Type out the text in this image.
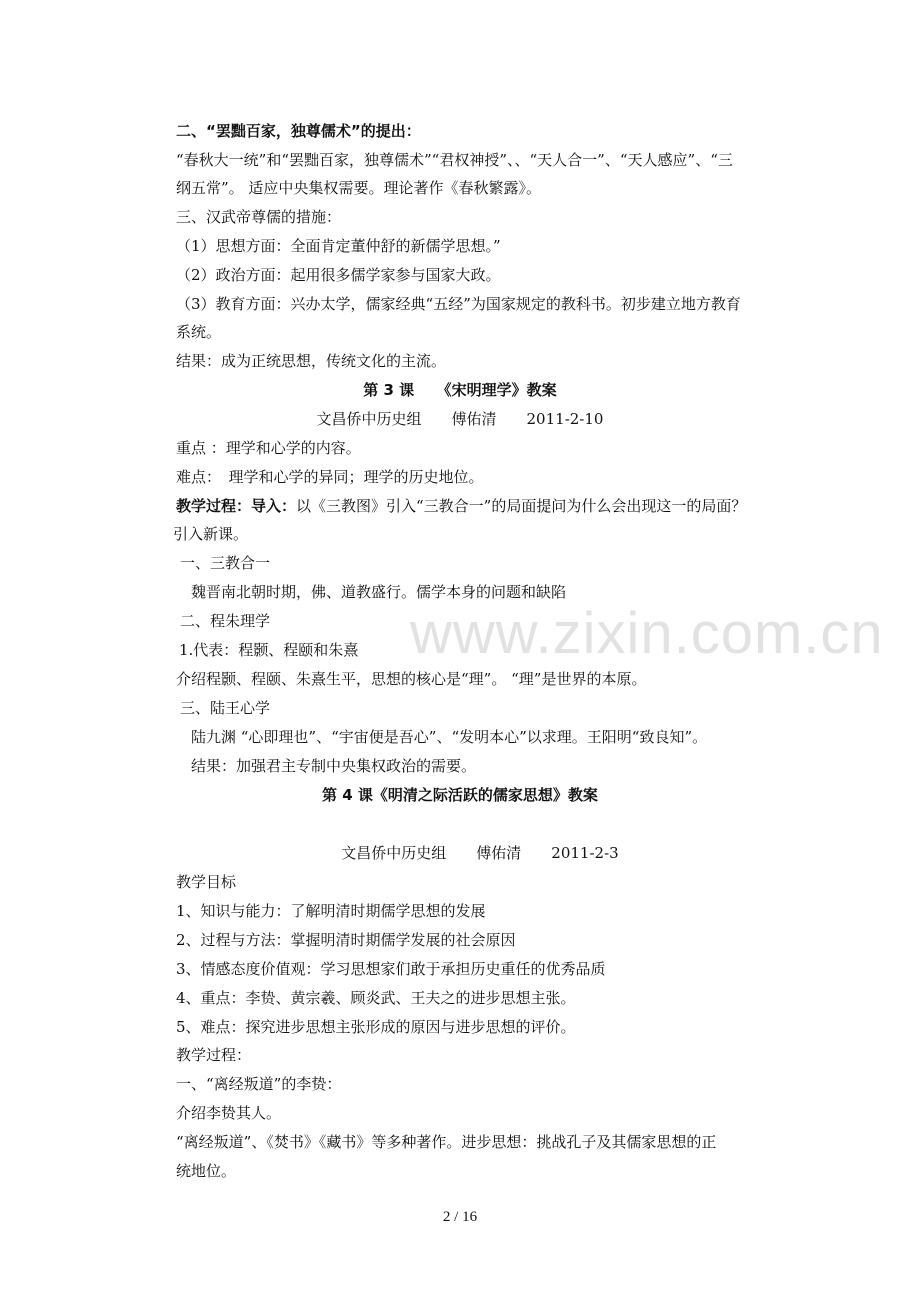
www.zixin.com.cn
二、“罢黜百家，独尊儒术”的提出：
“春秋大一统”和“罢黜百家，独尊儒术”“君权神授”、、“天人合一”、“天人感应”、“三
纲五常”。 适应中央集权需要。理论著作《春秋繁露》。
三、汉武帝尊儒的措施：
（1）思想方面：全面肯定董仲舒的新儒学思想。”
（2）政治方面：起用很多儒学家参与国家大政。
（3）教育方面：兴办太学，儒家经典“五经”为国家规定的教科书。初步建立地方教育
系统。
结果：成为正统思想，传统文化的主流。
第 3 课　　《宋明理学》教案
文昌侨中历史组　　傅佑清　　2011-2-10
重点 ：理学和心学的内容。
难点：　理学和心学的异同；理学的历史地位。
教学过程：导入：以《三教图》引入“三教合一”的局面提问为什么会出现这一的局面？
引入新课。
一、三教合一
魏晋南北朝时期，佛、道教盛行。儒学本身的问题和缺陷
二、程朱理学
1.代表：程颢、程颐和朱熹
介绍程颢、程颐、朱熹生平，思想的核心是“理”。 “理”是世界的本原。
三、陆王心学
陆九渊 “心即理也”、“宇宙便是吾心”、“发明本心”以求理。王阳明“致良知”。
结果：加强君主专制中央集权政治的需要。
第 4 课《明清之际活跃的儒家思想》教案
文昌侨中历史组　　傅佑清　　2011-2-3
教学目标
1、知识与能力：了解明清时期儒学思想的发展
2、过程与方法：掌握明清时期儒学发展的社会原因
3、情感态度价值观：学习思想家们敢于承担历史重任的优秀品质
4、重点：李贽、黄宗羲、顾炎武、王夫之的进步思想主张。
5、难点：探究进步思想主张形成的原因与进步思想的评价。
教学过程：
一、“离经叛道”的李贽：
介绍李贽其人。
“离经叛道”、《焚书》《藏书》等多种著作。进步思想：挑战孔子及其儒家思想的正
统地位。
2 / 16
